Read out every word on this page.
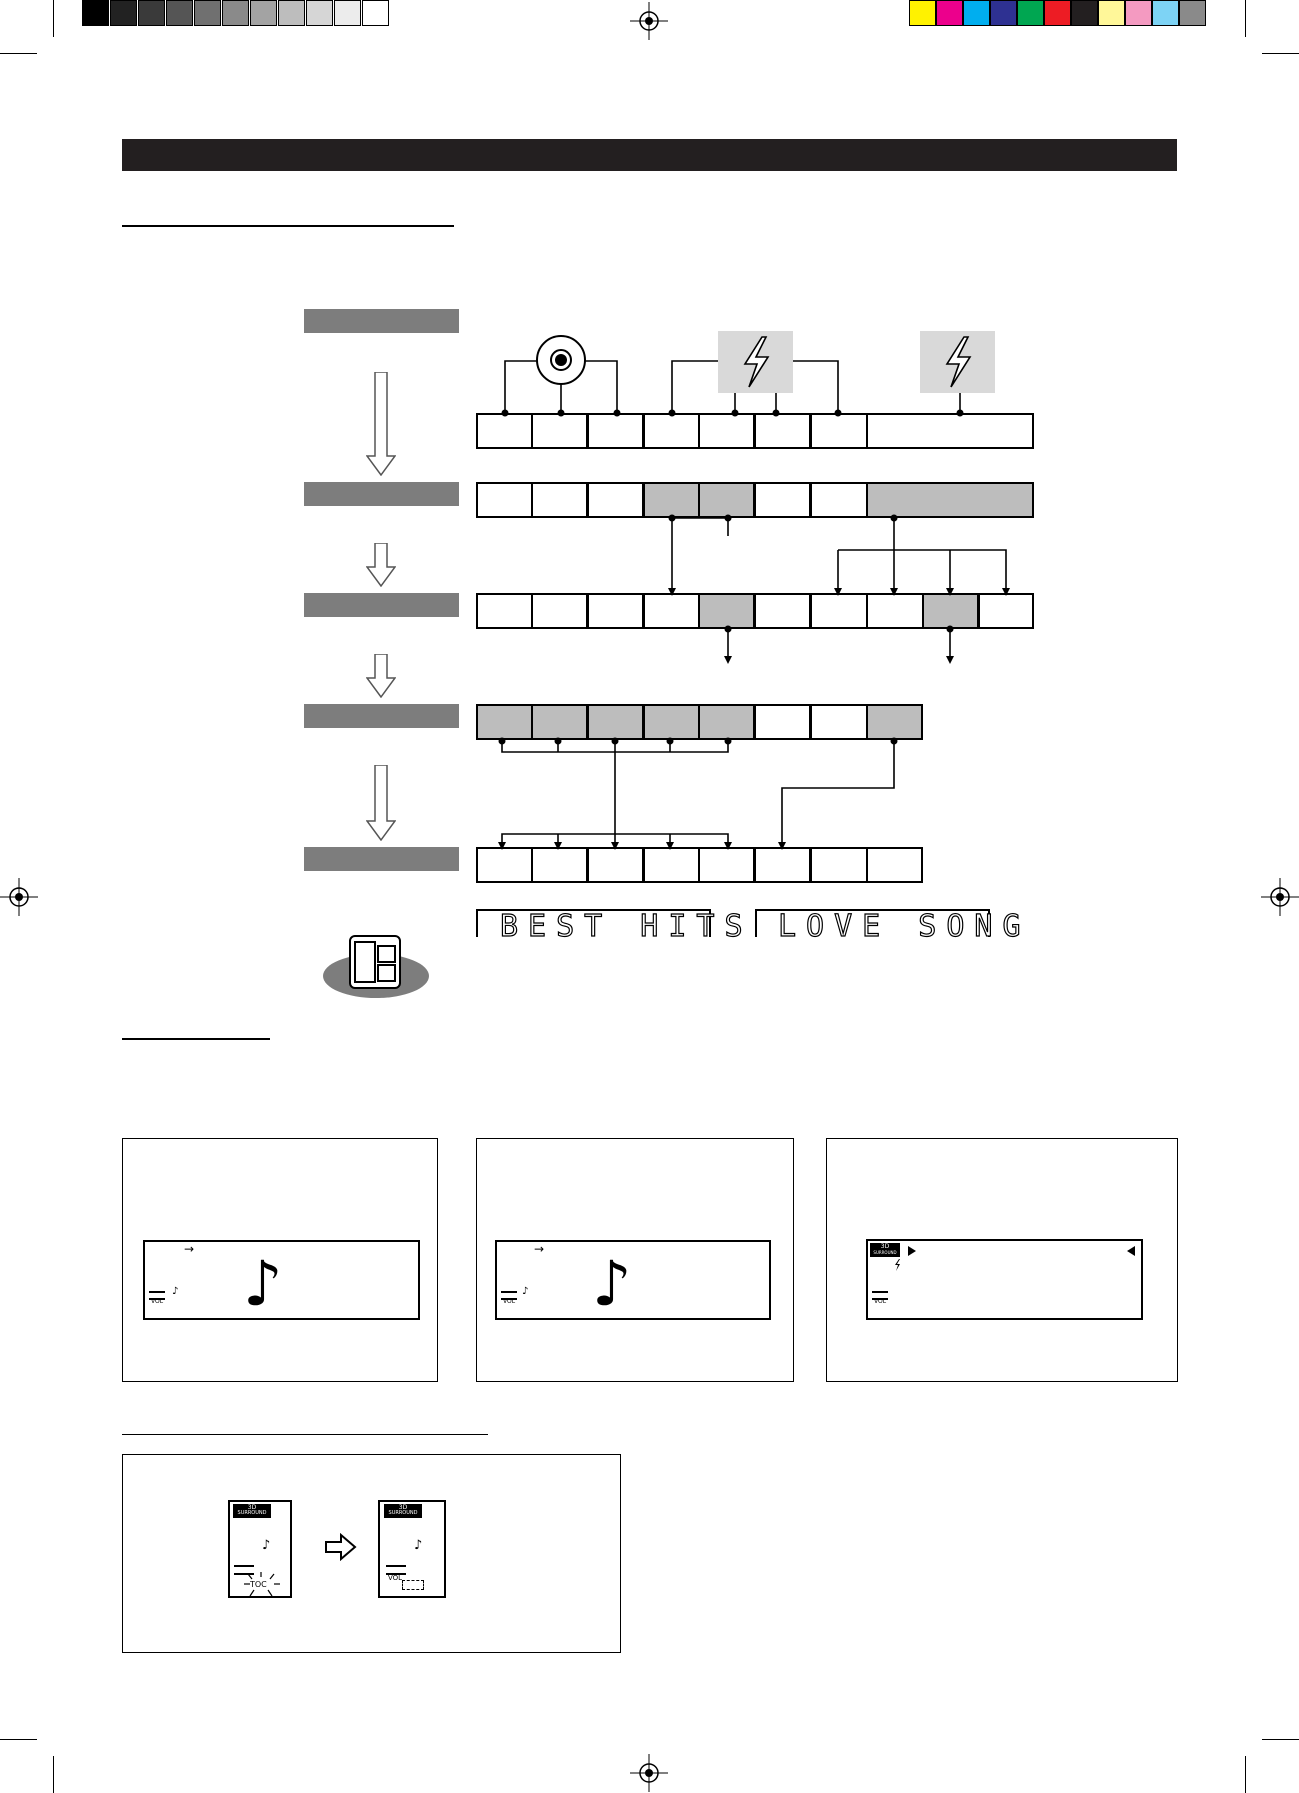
BEST HITS LOVE SONG
→ ♪
♪
VOL
→ ♪
♪
VOL
3D
SURROUND
VOL
3D
SURROUND
♪
TOC
3D
SURROUND
♪
VOL
